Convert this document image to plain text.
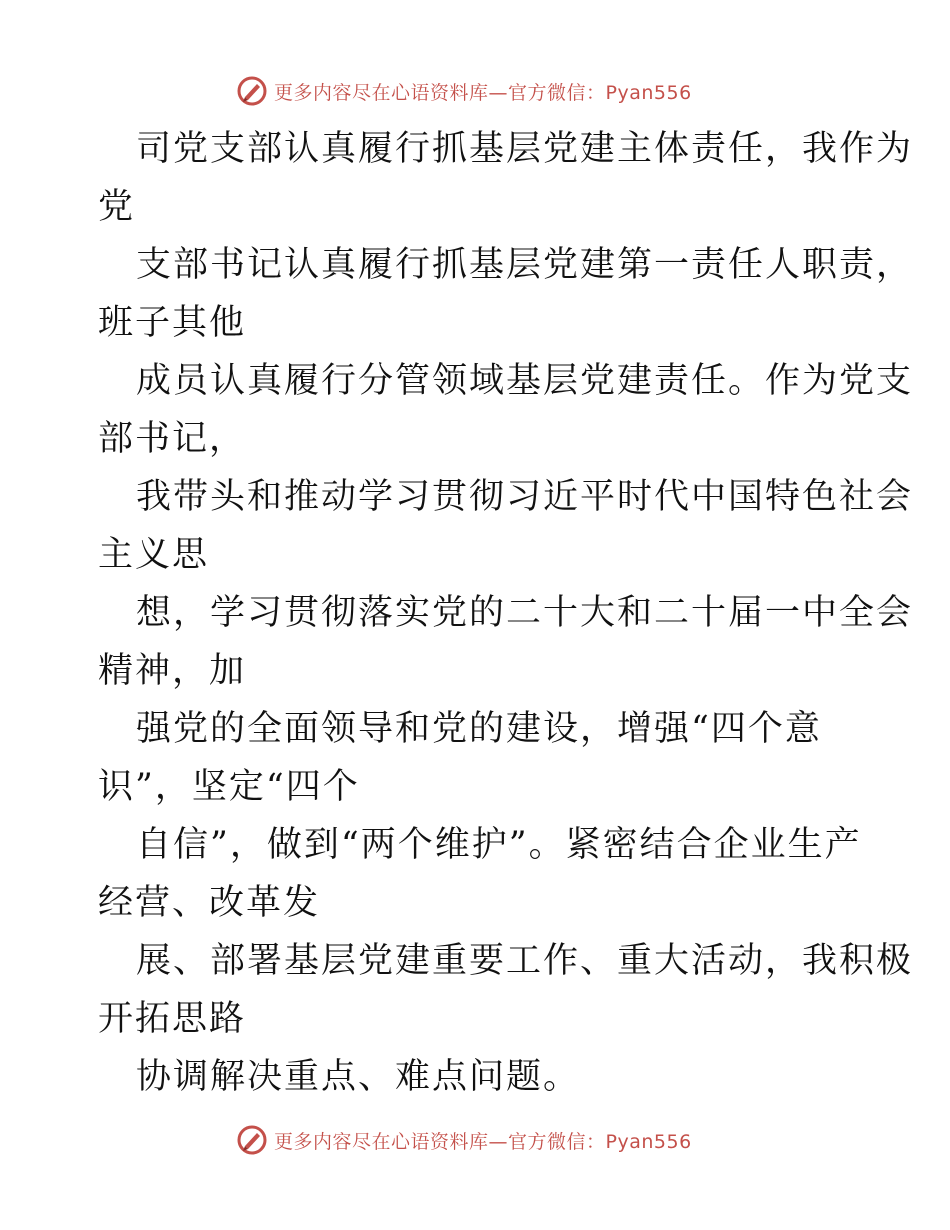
更多内容尽在心语资料库—官方微信：Pyan556

司党支部认真履行抓基层党建主体责任，我作为
党

支部书记认真履行抓基层党建第一责任人职责，
班子其他

成员认真履行分管领域基层党建责任。作为党支
部书记，

我带头和推动学习贯彻习近平时代中国特色社会
主义思

想，学习贯彻落实党的二十大和二十届一中全会
精神，加

强党的全面领导和党的建设，增强“四个意
识”，坚定“四个

自信”，做到“两个维护”。紧密结合企业生产
经营、改革发

展、部署基层党建重要工作、重大活动，我积极
开拓思路

协调解决重点、难点问题。

更多内容尽在心语资料库—官方微信：Pyan556
